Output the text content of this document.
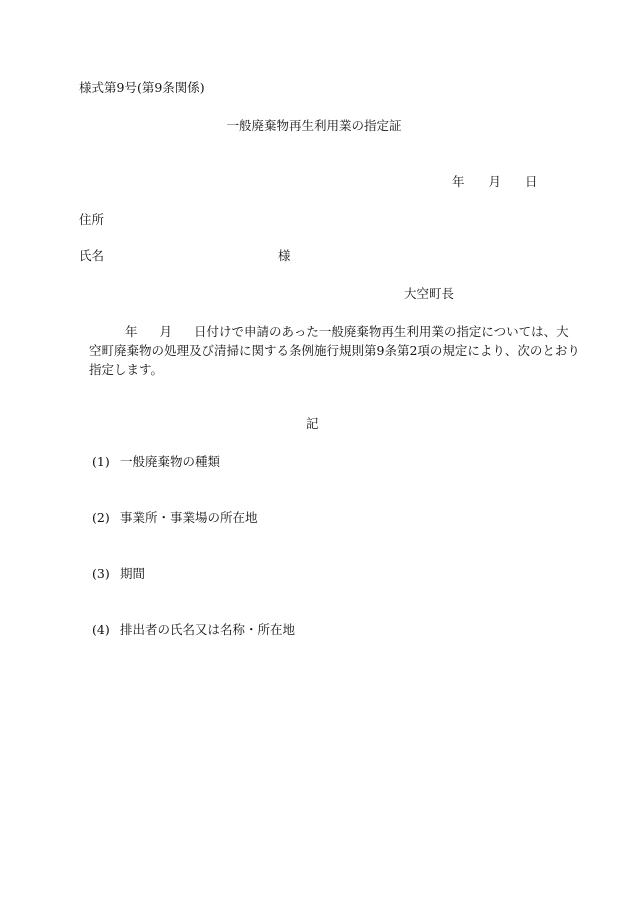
様式第9号(第9条関係)
一般廃棄物再生利用業の指定証
年 月 日
住所
氏名	様
大空町長
年 月 日付けで申請のあった一般廃棄物再生利用業の指定については、大
空町廃棄物の処理及び清掃に関する条例施行規則第9条第2項の規定により、次のとおり
指定します。
記
(1) 一般廃棄物の種類
(2) 事業所・事業場の所在地
(3) 期間
(4) 排出者の氏名又は名称・所在地
